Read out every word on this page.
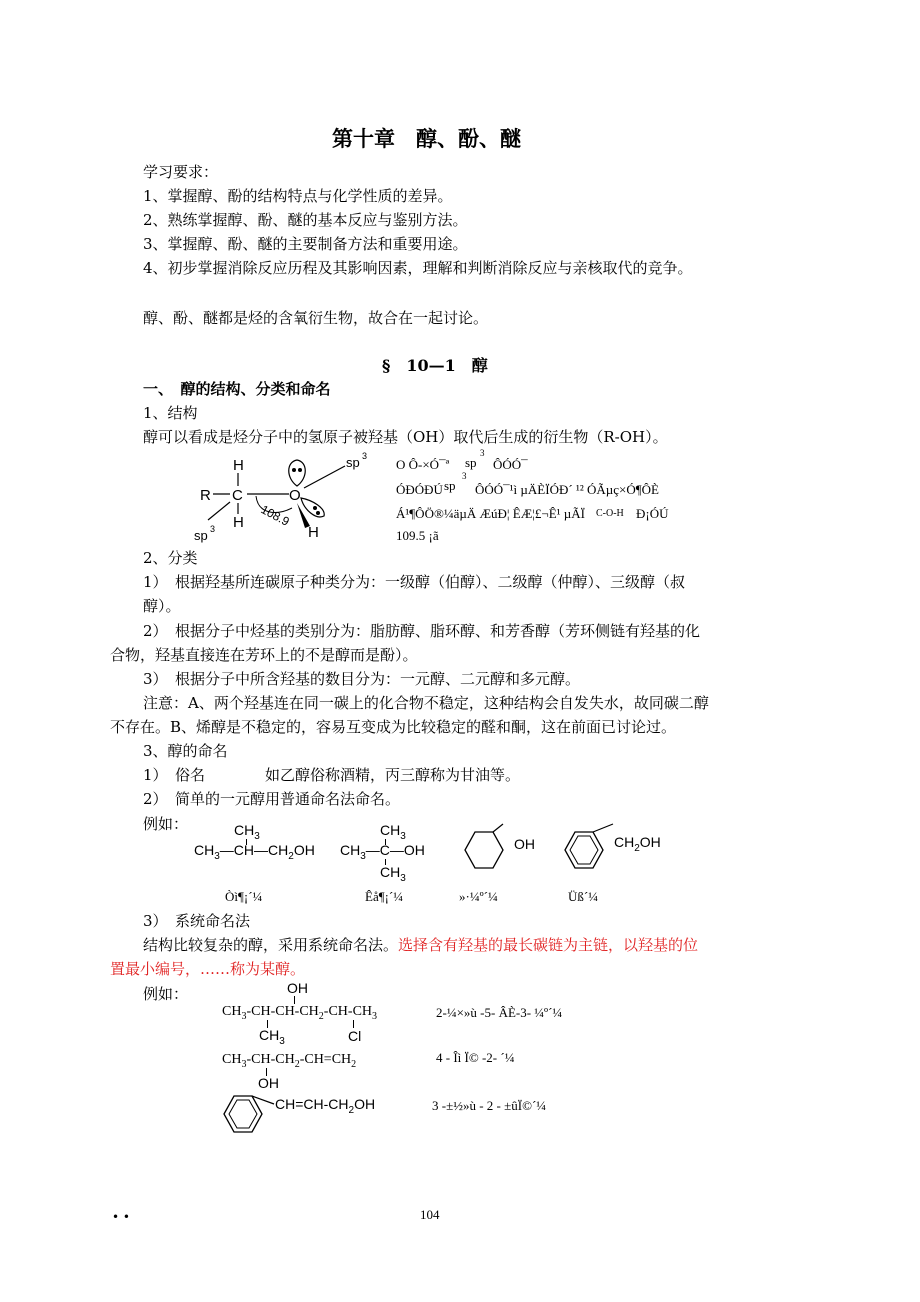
第十章　醇、酚、醚
学习要求：
1、掌握醇、酚的结构特点与化学性质的差异。
2、熟练掌握醇、酚、醚的基本反应与鉴别方法。
3、掌握醇、酚、醚的主要制备方法和重要用途。
4、初步掌握消除反应历程及其影响因素，理解和判断消除反应与亲核取代的竞争。
醇、酚、醚都是烃的含氧衍生物，故合在一起讨论。
§　10—1　醇
一、　醇的结构、分类和命名
1、结构
醇可以看成是烃分子中的氢原子被羟基（OH）取代后生成的衍生物（R-OH）。
H
R C
H
O
sp 3
H
108.9
sp 3
O Ô-×Ó¯ª sp
3
ÔÓÓ¯
ÓÐÓÐÚ sp
3
ÔÓÓ¯¹ì µÄÈÏÓÐ´ ¹² ÓÃµç×Ó¶ÔÈ
Á¹¶ÔÖ®¼äµÄ ÆúÐ¦ ÊÆ¦£¬Ê¹ µÃÏ C-O-H Ð¡ÓÚ
109.5 ¡ã
2、分类
1）　根据羟基所连碳原子种类分为：一级醇（伯醇）、二级醇（仲醇）、三级醇（叔
醇）。
2）　根据分子中烃基的类别分为：脂肪醇、脂环醇、和芳香醇（芳环侧链有羟基的化
合物，羟基直接连在芳环上的不是醇而是酚）。
3）　根据分子中所含羟基的数目分为：一元醇、二元醇和多元醇。
注意：A、两个羟基连在同一碳上的化合物不稳定，这种结构会自发失水，故同碳二醇
不存在。B、烯醇是不稳定的，容易互变成为比较稳定的醛和酮，这在前面已讨论过。
3、醇的命名
1）　俗名	如乙醇俗称酒精，丙三醇称为甘油等。
2）　简单的一元醇用普通命名法命名。
例如：	$CH_3$
$CH_3—CH—CH_2OH$
$CH_3$
$CH_3—C—OH$
$CH_3$
OH	$CH_2OH$
Òì¶¡´¼	Êå¶¡´¼	»·¼º´¼	Üß´¼
3）　系统命名法
结构比较复杂的醇，采用系统命名法。选择含有羟基的最长碳链为主链，以羟基的位
置最小编号，……称为某醇。
例如：	OH
$CH_3-CH-CH-CH_2-CH-CH_3$
$CH_3$	Cl
2-¼×»ù -5- ÂÈ-3- ¼º´¼
$CH_3-CH-CH_2-CH=CH_2$
OH
4 - Îì Ï© -2- ´¼
$CH=CH-CH_2OH$	3 -±½»ù - 2 - ±ûÏ©´¼
• •	104
